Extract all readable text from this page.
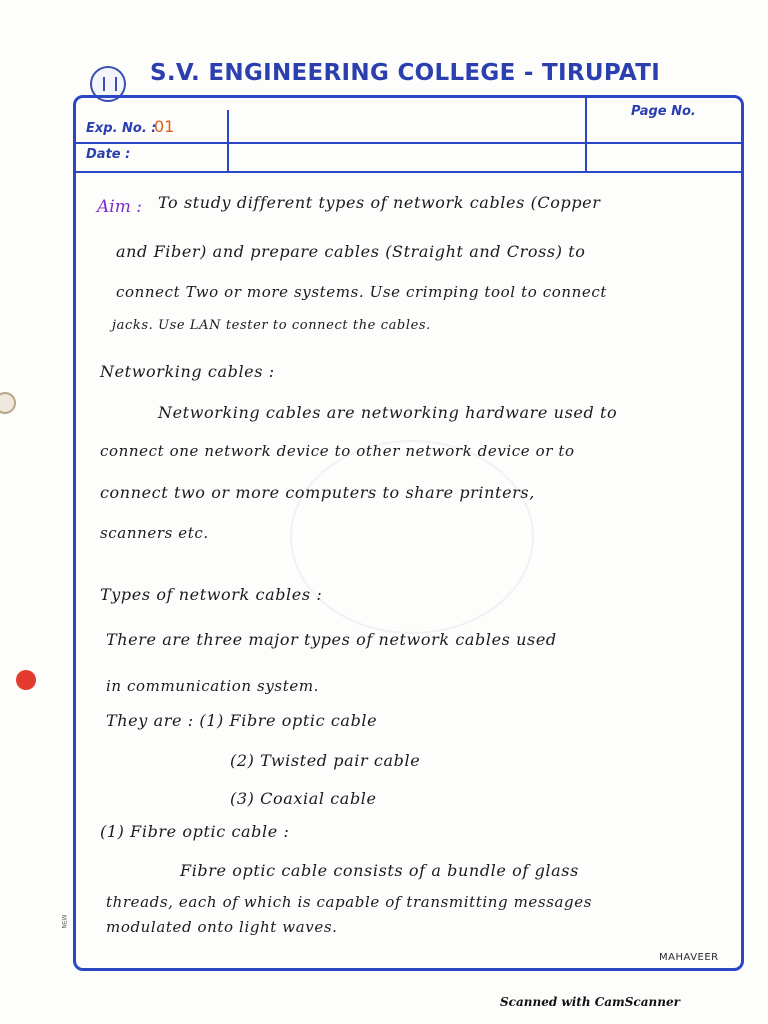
S.V. ENGINEERING COLLEGE - TIRUPATI
Exp. No. :
01
Date :
Page No.
Aim : To study different types of network cables (Copper
and Fiber) and prepare cables (Straight and Cross) to
connect Two or more systems. Use crimping tool to connect
jacks. Use LAN tester to connect the cables.
Networking cables :
Networking cables are networking hardware used to
connect one network device to other network device or to
connect two or more computers to share printers,
scanners etc.
Types of network cables :
There are three major types of network cables used
in communication system.
They are : (1) Fibre optic cable
(2) Twisted pair cable
(3) Coaxial cable
(1) Fibre optic cable :
Fibre optic cable consists of a bundle of glass
threads, each of which is capable of transmitting messages
modulated onto light waves.
NEW
MAHAVEER
Scanned with CamScanner
